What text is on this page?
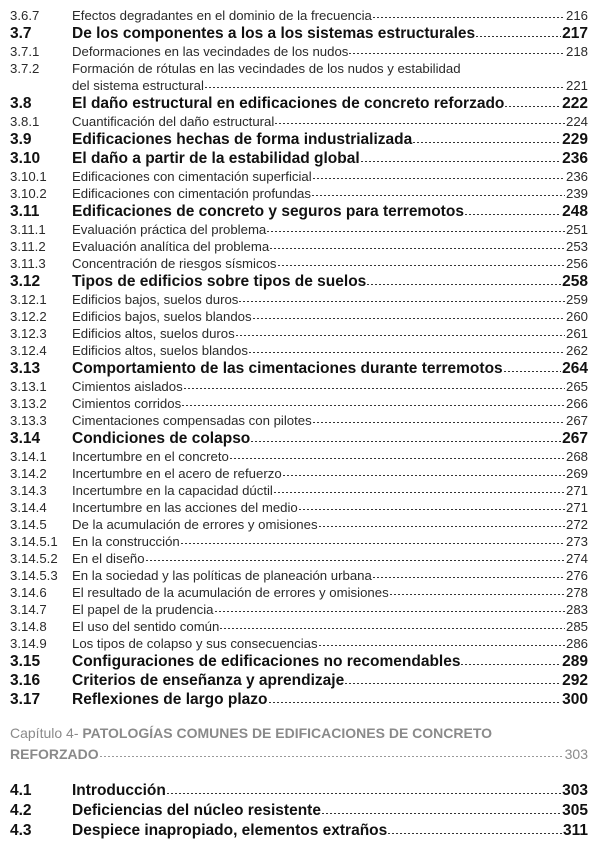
3.6.7	Efectos degradantes en el dominio de la frecuencia	216
3.7	De los componentes a los a los sistemas estructurales	217
3.7.1	Deformaciones en las vecindades de los nudos	218
3.7.2	Formación de rótulas en las vecindades de los nudos y estabilidad
del sistema estructural	221
3.8	El daño estructural en edificaciones de concreto reforzado	222
3.8.1	Cuantificación del daño estructural	224
3.9	Edificaciones hechas de forma industrializada	229
3.10	El daño a partir de la estabilidad global	236
3.10.1	Edificaciones con cimentación superficial	236
3.10.2	Edificaciones con cimentación profundas	239
3.11	Edificaciones de concreto y seguros para terremotos	248
3.11.1	Evaluación práctica del problema	251
3.11.2	Evaluación analítica del problema	253
3.11.3	Concentración de riesgos sísmicos	256
3.12	Tipos de edificios sobre tipos de suelos	258
3.12.1	Edificios bajos, suelos duros	259
3.12.2	Edificios bajos, suelos blandos	260
3.12.3	Edificios altos, suelos duros	261
3.12.4	Edificios altos, suelos blandos	262
3.13	Comportamiento de las cimentaciones durante terremotos	264
3.13.1	Cimientos aislados	265
3.13.2	Cimientos corridos	266
3.13.3	Cimentaciones compensadas con pilotes	267
3.14	Condiciones de colapso	267
3.14.1	Incertumbre en el concreto	268
3.14.2	Incertumbre en el acero de refuerzo	269
3.14.3	Incertumbre en la capacidad dúctil	271
3.14.4	Incertumbre en las acciones del medio	271
3.14.5	De la acumulación de errores y omisiones	272
3.14.5.1	En la construcción	273
3.14.5.2	En el diseño	274
3.14.5.3	En la sociedad y las políticas de planeación urbana	276
3.14.6	El resultado de la acumulación de errores y omisiones	278
3.14.7	El papel de la prudencia	283
3.14.8	El uso del sentido común	285
3.14.9	Los tipos de colapso y sus consecuencias	286
3.15	Configuraciones de edificaciones no recomendables	289
3.16	Criterios de enseñanza y aprendizaje	292
3.17	Reflexiones de largo plazo	300
Capítulo 4- PATOLOGÍAS COMUNES DE EDIFICACIONES DE CONCRETO
REFORZADO	303
4.1	Introducción	303
4.2	Deficiencias del núcleo resistente	305
4.3	Despiece inapropiado, elementos extraños	311
